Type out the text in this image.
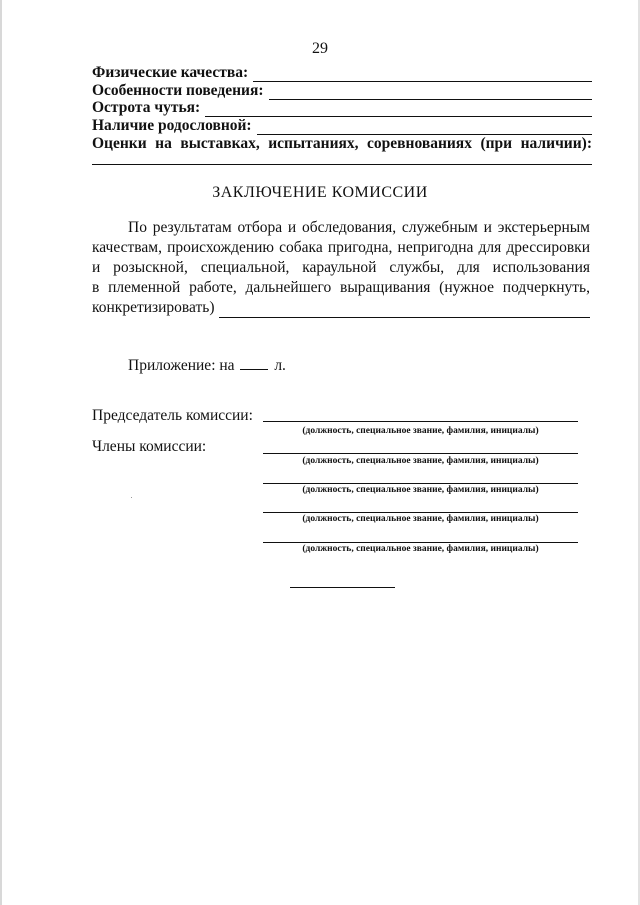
29
Физические качества:
Особенности поведения:
Острота чутья:
Наличие родословной:
Оценки на выставках, испытаниях, соревнованиях (при наличии):
ЗАКЛЮЧЕНИЕ КОМИССИИ
По результатам отбора и обследования, служебным и экстерьерным
качествам, происхождению собака пригодна, непригодна для дрессировки
и розыскной, специальной, караульной службы, для использования
в племенной работе, дальнейшего выращивания (нужное подчеркнуть,
конкретизировать)
Приложение: на	л.
Председатель комиссии:
(должность, специальное звание, фамилия, инициалы)
Члены комиссии:
(должность, специальное звание, фамилия, инициалы)
(должность, специальное звание, фамилия, инициалы)
(должность, специальное звание, фамилия, инициалы)
(должность, специальное звание, фамилия, инициалы)
